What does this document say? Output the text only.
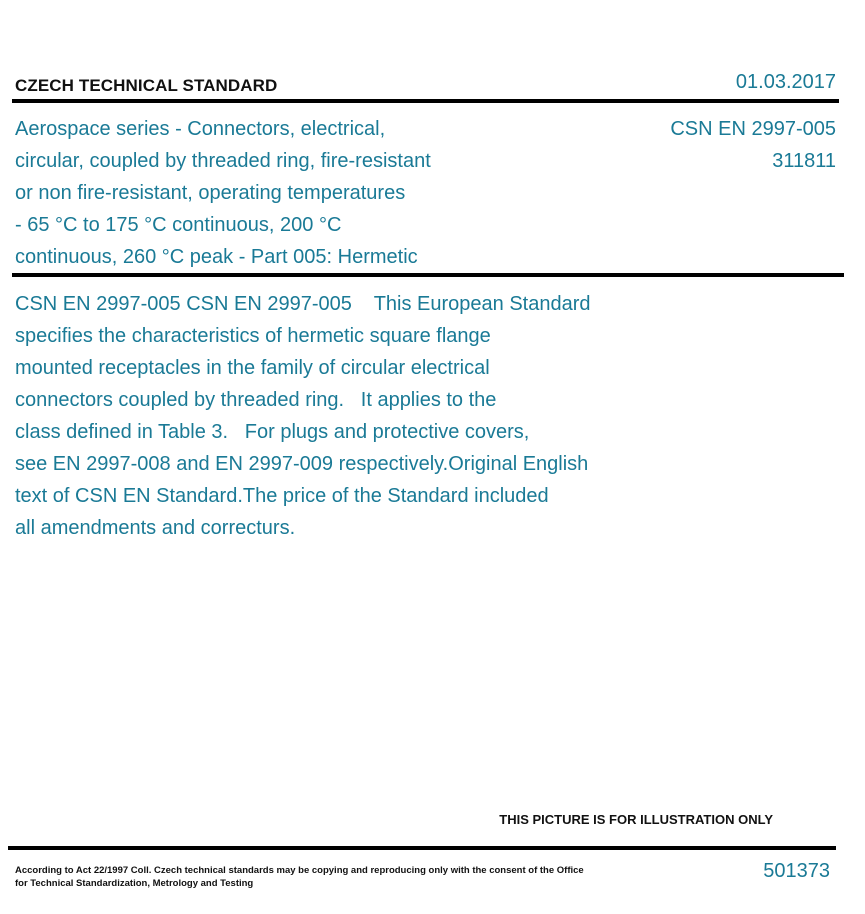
CZECH TECHNICAL STANDARD	01.03.2017
Aerospace series - Connectors, electrical,
circular, coupled by threaded ring, fire-resistant
or non fire-resistant, operating temperatures
- 65 °C to 175 °C continuous, 200 °C
continuous, 260 °C peak - Part 005: Hermetic
CSN EN 2997-005
311811
CSN EN 2997-005 CSN EN 2997-005    This European Standard
specifies the characteristics of hermetic square flange
mounted receptacles in the family of circular electrical
connectors coupled by threaded ring.   It applies to the
class defined in Table 3.   For plugs and protective covers,
see EN 2997-008 and EN 2997-009 respectively.Original English
text of CSN EN Standard.The price of the Standard included
all amendments and correcturs.
THIS PICTURE IS FOR ILLUSTRATION ONLY
According to Act 22/1997 Coll. Czech technical standards may be copying and reproducing only with the consent of the Office
for Technical Standardization, Metrology and Testing
501373
